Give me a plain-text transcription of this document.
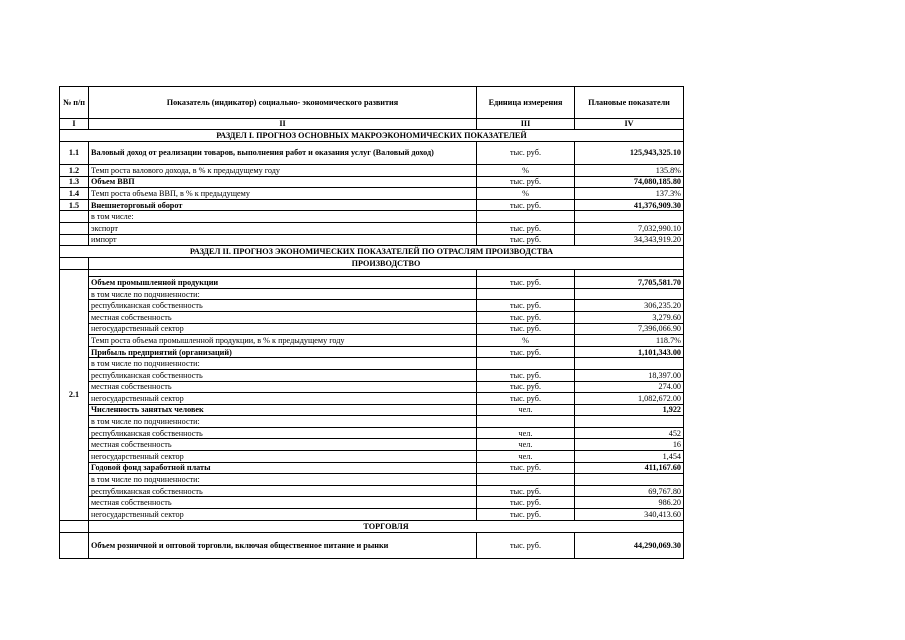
№ п/п	Показатель (индикатор) социально- экономического развития	Единица измерения	Плановые показатели
I	II	III	IV
РАЗДЕЛ I. ПРОГНОЗ ОСНОВНЫХ МАКРОЭКОНОМИЧЕСКИХ ПОКАЗАТЕЛЕЙ			
1.1	Валовый доход от реализации товаров, выполнения работ и оказания услуг (Валовый доход)	тыс. руб.	125,943,325.10
1.2	Темп роста валового дохода, в % к предыдущему году	%	135.8%
1.3	Объем ВВП	тыс. руб.	74,080,185.80
1.4	Темп роста объема ВВП, в % к предыдущему	%	137.3%
1.5	Внешнеторговый оборот	тыс. руб.	41,376,909.30
	в том числе:		
	экспорт	тыс. руб.	7,032,990.10
	импорт	тыс. руб.	34,343,919.20
РАЗДЕЛ II. ПРОГНОЗ ЭКОНОМИЧЕСКИХ ПОКАЗАТЕЛЕЙ ПО ОТРАСЛЯМ ПРОИЗВОДСТВА			
	ПРОИЗВОДСТВО		
2.1			
	Объем промышленной продукции	тыс. руб.	7,705,581.70
	в том числе по подчиненности:		
	республиканская собственность	тыс. руб.	306,235.20
	местная собственность	тыс. руб.	3,279.60
	негосударственный сектор	тыс. руб.	7,396,066.90
	Темп роста объема промышленной продукции, в % к предыдущему году	%	118.7%
	Прибыль предприятий (организаций)	тыс. руб.	1,101,343.00
	в том числе по подчиненности:		
	республиканская собственность	тыс. руб.	18,397.00
	местная собственность	тыс. руб.	274.00
	негосударственный сектор	тыс. руб.	1,082,672.00
	Численность занятых человек	чел.	1,922
	в том числе по подчиненности:		
	республиканская собственность	чел.	452
	местная собственность	чел.	16
	негосударственный сектор	чел.	1,454
	Годовой фонд заработной платы	тыс. руб.	411,167.60
	в том числе по подчиненности:		
	республиканская собственность	тыс. руб.	69,767.80
	местная собственность	тыс. руб.	986.20
	негосударственный сектор	тыс. руб.	340,413.60
	ТОРГОВЛЯ		
	Объем розничной и оптовой торговли, включая общественное питание и рынки	тыс. руб.	44,290,069.30
